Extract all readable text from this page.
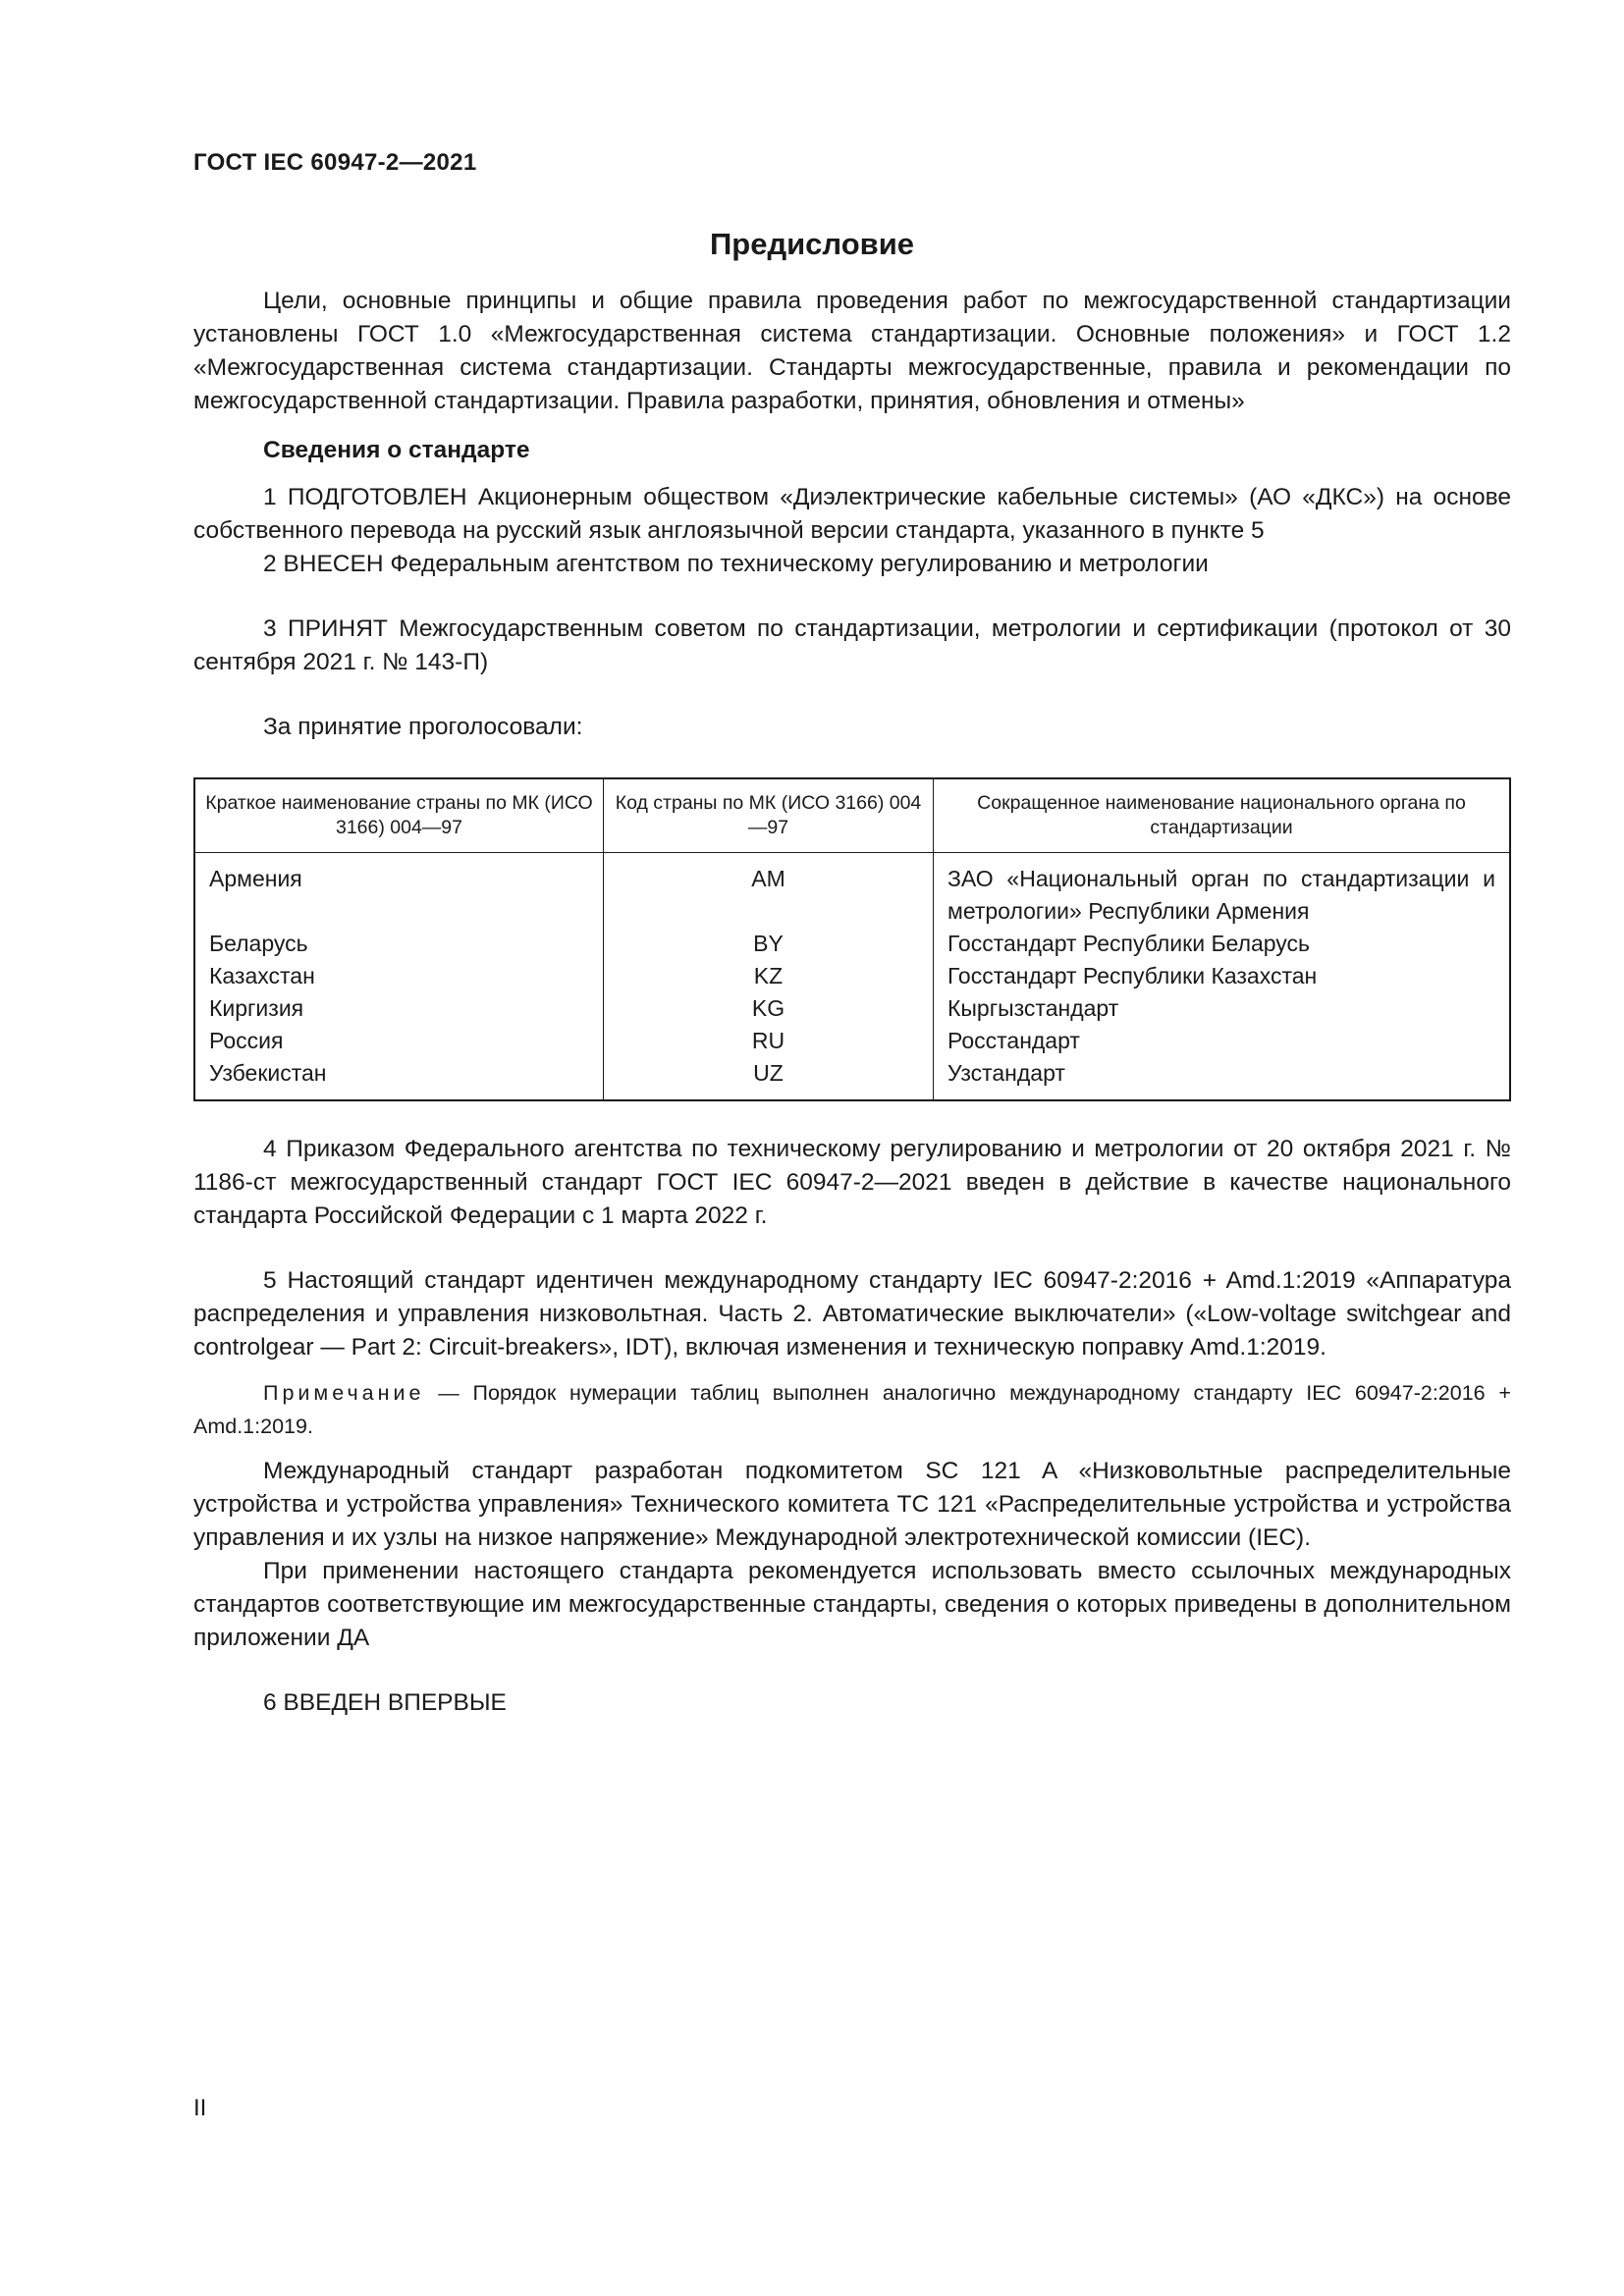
ГОСТ IEC 60947-2—2021
Предисловие

Цели, основные принципы и общие правила проведения работ по межгосударственной стандартизации установлены ГОСТ 1.0 «Межгосударственная система стандартизации. Основные положения» и ГОСТ 1.2 «Межгосударственная система стандартизации. Стандарты межгосударственные, правила и рекомендации по межгосударственной стандартизации. Правила разработки, принятия, обновления и отмены»

Сведения о стандарте

1 ПОДГОТОВЛЕН Акционерным обществом «Диэлектрические кабельные системы» (АО «ДКС») на основе собственного перевода на русский язык англоязычной версии стандарта, указанного в пункте 5

2 ВНЕСЕН Федеральным агентством по техническому регулированию и метрологии

3 ПРИНЯТ Межгосударственным советом по стандартизации, метрологии и сертификации (протокол от 30 сентября 2021 г. № 143-П)

За принятие проголосовали:

Краткое наименование страны по МК (ИСО 3166) 004—97	Код страны по МК (ИСО 3166) 004—97	Сокращенное наименование национального органа по стандартизации
Армения	AM	ЗАО «Национальный орган по стандартизации и метрологии» Республики Армения
Беларусь	BY	Госстандарт Республики Беларусь
Казахстан	KZ	Госстандарт Республики Казахстан
Киргизия	KG	Кыргызстандарт
Россия	RU	Росстандарт
Узбекистан	UZ	Узстандарт

4 Приказом Федерального агентства по техническому регулированию и метрологии от 20 октября 2021 г. № 1186-ст межгосударственный стандарт ГОСТ IEC 60947-2—2021 введен в действие в качестве национального стандарта Российской Федерации с 1 марта 2022 г.

5 Настоящий стандарт идентичен международному стандарту IEC 60947-2:2016 + Amd.1:2019 «Аппаратура распределения и управления низковольтная. Часть 2. Автоматические выключатели» («Low-voltage switchgear and controlgear — Part 2: Circuit-breakers», IDT), включая изменения и техническую поправку Amd.1:2019.

Примечание — Порядок нумерации таблиц выполнен аналогично международному стандарту IEC 60947-2:2016 + Amd.1:2019.

Международный стандарт разработан подкомитетом SC 121 A «Низковольтные распределительные устройства и устройства управления» Технического комитета ТС 121 «Распределительные устройства и устройства управления и их узлы на низкое напряжение» Международной электротехнической комиссии (IEC).

При применении настоящего стандарта рекомендуется использовать вместо ссылочных международных стандартов соответствующие им межгосударственные стандарты, сведения о которых приведены в дополнительном приложении ДА

6 ВВЕДЕН ВПЕРВЫЕ

II
